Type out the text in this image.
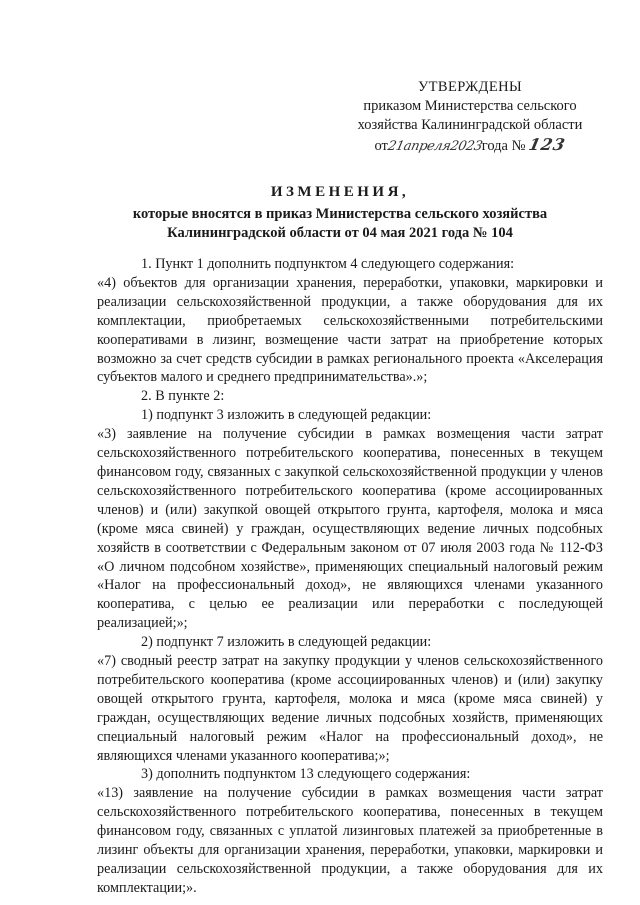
УТВЕРЖДЕНЫ
приказом Министерства сельского
хозяйства Калининградской области
от21апреля2023года № 123
ИЗМЕНЕНИЯ,
которые вносятся в приказ Министерства сельского хозяйства
Калининградской области от 04 мая 2021 года № 104

1. Пункт 1 дополнить подпунктом 4 следующего содержания:

«4) объектов для организации хранения, переработки, упаковки, маркировки и реализации сельскохозяйственной продукции, а также оборудования для их комплектации, приобретаемых сельскохозяйственными потребительскими кооперативами в лизинг, возмещение части затрат на приобретение которых возможно за счет средств субсидии в рамках регионального проекта «Акселерация субъектов малого и среднего предпринимательства».»;

2. В пункте 2:

1) подпункт 3 изложить в следующей редакции:

«3) заявление на получение субсидии в рамках возмещения части затрат сельскохозяйственного потребительского кооператива, понесенных в текущем финансовом году, связанных с закупкой сельскохозяйственной продукции у членов сельскохозяйственного потребительского кооператива (кроме ассоциированных членов) и (или) закупкой овощей открытого грунта, картофеля, молока и мяса (кроме мяса свиней) у граждан, осуществляющих ведение личных подсобных хозяйств в соответствии с Федеральным законом от 07 июля 2003 года № 112-ФЗ «О личном подсобном хозяйстве», применяющих специальный налоговый режим «Налог на профессиональный доход», не являющихся членами указанного кооператива, с целью ее реализации или переработки с последующей реализацией;»;

2) подпункт 7 изложить в следующей редакции:

«7) сводный реестр затрат на закупку продукции у членов сельскохозяйственного потребительского кооператива (кроме ассоциированных членов) и (или) закупку овощей открытого грунта, картофеля, молока и мяса (кроме мяса свиней) у граждан, осуществляющих ведение личных подсобных хозяйств, применяющих специальный налоговый режим «Налог на профессиональный доход», не являющихся членами указанного кооператива;»;

3) дополнить подпунктом 13 следующего содержания:

«13) заявление на получение субсидии в рамках возмещения части затрат сельскохозяйственного потребительского кооператива, понесенных в текущем финансовом году, связанных с уплатой лизинговых платежей за приобретенные в лизинг объекты для организации хранения, переработки, упаковки, маркировки и реализации сельскохозяйственной продукции, а также оборудования для их комплектации;».
